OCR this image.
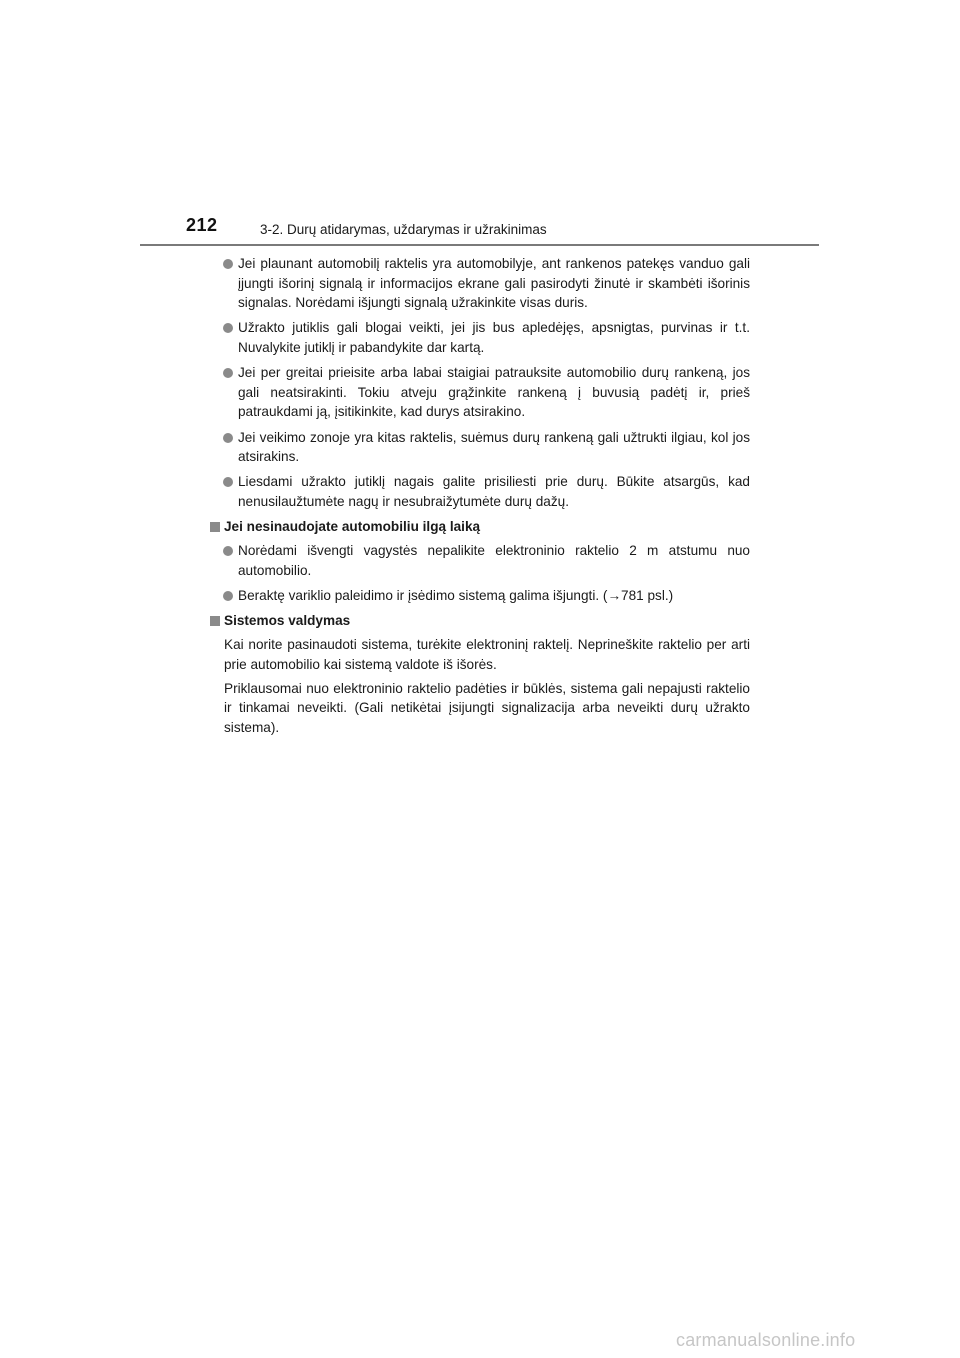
212	3-2. Durų atidarymas, uždarymas ir užrakinimas
Jei plaunant automobilį raktelis yra automobilyje, ant rankenos patekęs vanduo gali įjungti išorinį signalą ir informacijos ekrane gali pasirodyti žinutė ir skambėti išorinis signalas. Norėdami išjungti signalą užrakinkite visas duris.
Užrakto jutiklis gali blogai veikti, jei jis bus apledėjęs, apsnigtas, purvinas ir t.t. Nuvalykite jutiklį ir pabandykite dar kartą.
Jei per greitai prieisite arba labai staigiai patrauksite automobilio durų rankeną, jos gali neatsirakinti. Tokiu atveju grąžinkite rankeną į buvusią padėtį ir, prieš patraukdami ją, įsitikinkite, kad durys atsirakino.
Jei veikimo zonoje yra kitas raktelis, suėmus durų rankeną gali užtrukti ilgiau, kol jos atsirakins.
Liesdami užrakto jutiklį nagais galite prisiliesti prie durų. Būkite atsargūs, kad nenusilaužtumėte nagų ir nesubraižytumėte durų dažų.
Jei nesinaudojate automobiliu ilgą laiką
Norėdami išvengti vagystės nepalikite elektroninio raktelio 2 m atstumu nuo automobilio.
Beraktę variklio paleidimo ir įsėdimo sistemą galima išjungti. (→781 psl.)
Sistemos valdymas
Kai norite pasinaudoti sistema, turėkite elektroninį raktelį. Neprineškite raktelio per arti prie automobilio kai sistemą valdote iš išorės.
Priklausomai nuo elektroninio raktelio padėties ir būklės, sistema gali nepajusti raktelio ir tinkamai neveikti. (Gali netikėtai įsijungti signalizacija arba neveikti durų užrakto sistema).
carmanualsonline.info
